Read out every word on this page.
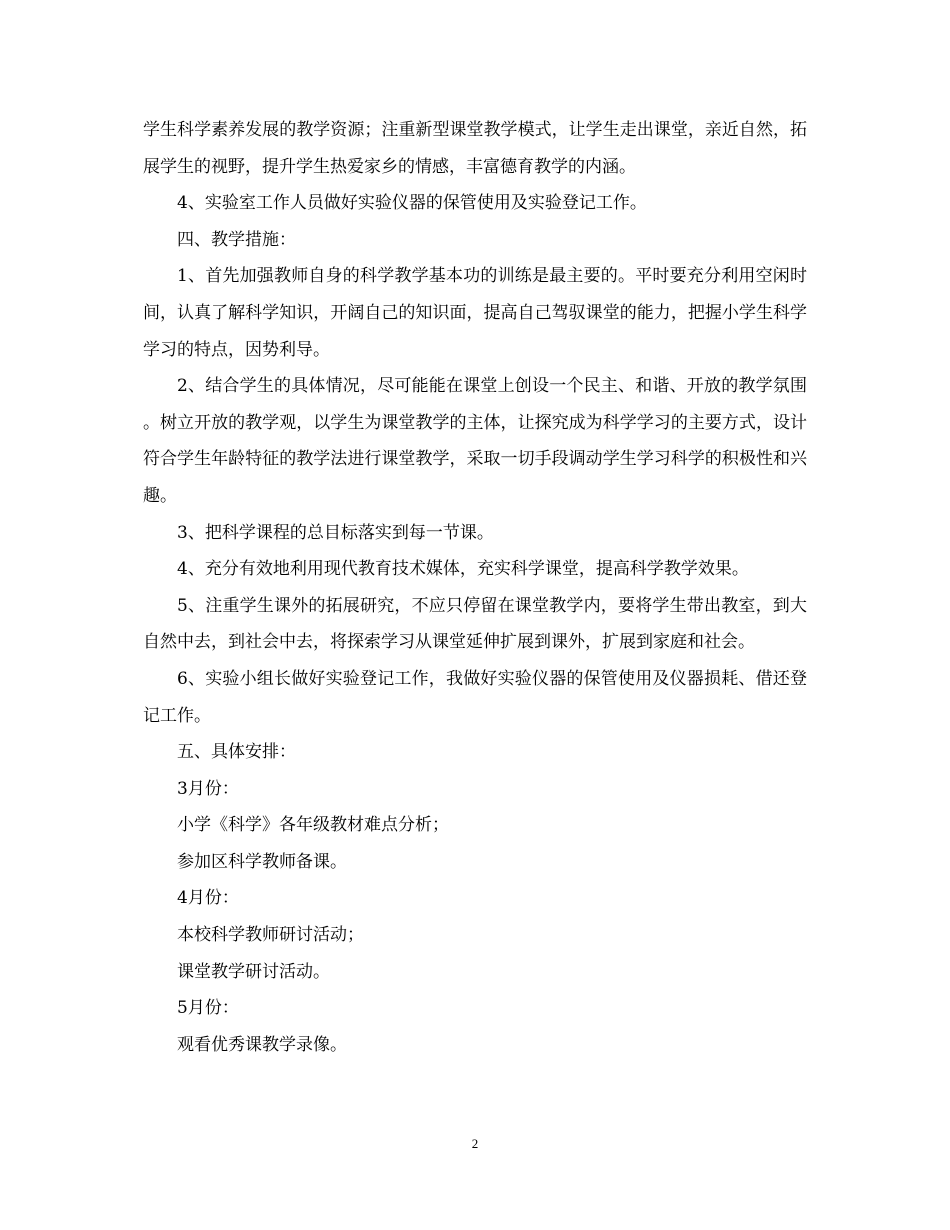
学生科学素养发展的教学资源；注重新型课堂教学模式，让学生走出课堂，亲近自然，拓展学生的视野，提升学生热爱家乡的情感，丰富德育教学的内涵。

4、实验室工作人员做好实验仪器的保管使用及实验登记工作。

四、教学措施：

1、首先加强教师自身的科学教学基本功的训练是最主要的。平时要充分利用空闲时间，认真了解科学知识，开阔自己的知识面，提高自己驾驭课堂的能力，把握小学生科学学习的特点，因势利导。

2、结合学生的具体情况，尽可能能在课堂上创设一个民主、和谐、开放的教学氛围。树立开放的教学观，以学生为课堂教学的主体，让探究成为科学学习的主要方式，设计符合学生年龄特征的教学法进行课堂教学，采取一切手段调动学生学习科学的积极性和兴趣。

3、把科学课程的总目标落实到每一节课。

4、充分有效地利用现代教育技术媒体，充实科学课堂，提高科学教学效果。

5、注重学生课外的拓展研究，不应只停留在课堂教学内，要将学生带出教室，到大自然中去，到社会中去，将探索学习从课堂延伸扩展到课外，扩展到家庭和社会。

6、实验小组长做好实验登记工作，我做好实验仪器的保管使用及仪器损耗、借还登记工作。

五、具体安排：

3月份：

小学《科学》各年级教材难点分析；

参加区科学教师备课。

4月份：

本校科学教师研讨活动；

课堂教学研讨活动。

5月份：

观看优秀课教学录像。

2
